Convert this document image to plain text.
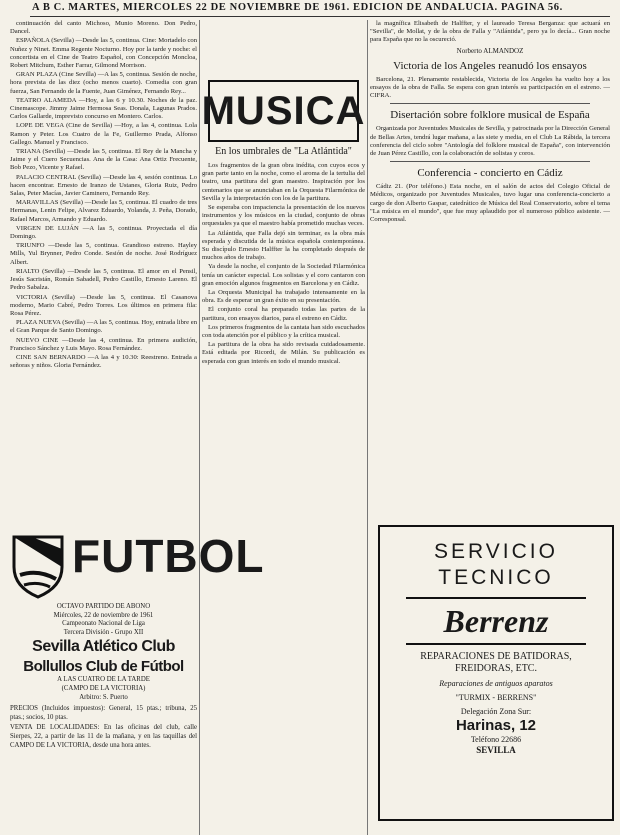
A B C. MARTES, MIERCOLES 22 DE NOVIEMBRE DE 1961. EDICION DE ANDALUCIA. PAGINA 56.

continuación del canto Michoso, Munio Moreno. Don Pedro, Dancel.

ESPAÑOLA (Sevilla) —Desde las 5, continua. Cine: Mortadelo con Nuñez y Ninet. Emma Regente Nocturno. Hoy por la tarde y noche: el concertista en el Cine de Teatro Español, con Concepción Moncloa, Robert Mitchum, Esther Farrar, Gilmond Morrison.

GRAN PLAZA (Cine Sevilla) —A las 5, continua. Sesión de noche, hora prevista de las diez (ocho menos cuarto). Comedia con gran fuerza, San Fernando de la Fuente, Juan Giménez, Fernando Rey...

TEATRO ALAMEDA —Hoy, a las 6 y 10.30. Noches de la paz. Cinemascope. Jimmy Jaime Hermosa Seas. Donala, Lagunas Prados. Carlos Gallarde, imprevisto concurso en Montero. Carlos.

LOPE DE VEGA (Cine de Sevilla) —Hoy, a las 4, continua. Lola Ramon y Peter. Los Cuatro de la Fe, Guillermo Prada, Alfonso Gallego. Manuel y Francisco.

TRIANA (Sevilla) —Desde las 5, continua. El Rey de la Mancha y Jaime y el Cuero Secuencias. Ana de la Casa: Ana Ortiz Frecuente, Bob Pezo, Vicente y Rafael.

PALACIO CENTRAL (Sevilla) —Desde las 4, sesión continua. Lo hacen encontrar. Ernesto de Iranzo de Ustanes, Gloria Ruiz, Pedro Salas, Peter Macías, Javier Caminero, Fernando Rey.

MARAVILLAS (Sevilla) —Desde las 5, continua. El cuadro de tres Hermanas, Lenin Felipe, Alvarez Eduardo, Yolanda, J. Peña, Dorado, Rafael Marcos, Armando y Eduardo.

VIRGEN DE LUJÁN —A las 5, continua. Proyectada el día Domingo.

TRIUNFO —Desde las 5, continua. Grandioso estreno. Hayley Mills, Yul Brynner, Pedro Conde. Sesión de noche. José Rodríguez Albert.

RIALTO (Sevilla) —Desde las 5, continua. El amor en el Pensil, Jesús Sacristán, Román Sabadell, Pedro Castillo, Ernesto Lareno. El Pedro Sabalza.

VICTORIA (Sevilla) —Desde las 5, continua. El Casanova moderno, Mario Cabré, Pedro Torres. Los últimos en primera fila: Rosa Pérez.

PLAZA NUEVA (Sevilla) —A las 5, continua. Hoy, entrada libre en el Gran Parque de Santo Domingo.

NUEVO CINE —Desde las 4, continua. En primera audición, Francisco Sánchez y Luis Mayo. Rosa Fernández.

CINE SAN BERNARDO —A las 4 y 10.30: Reestreno. Entrada a señoras y niños. Gloria Fernández.

FUTBOL
OCTAVO PARTIDO DE ABONO
Miércoles, 22 de noviembre de 1961
Campeonato Nacional de Liga
Tercera División - Grupo XII
Sevilla Atlético Club
Bollullos Club de Fútbol
A LAS CUATRO DE LA TARDE
(CAMPO DE LA VICTORIA)
Arbitro: S. Puerto
PRECIOS (Incluidos impuestos): General, 15 ptas.; tribuna, 25 ptas.; socios, 10 ptas.
VENTA DE LOCALIDADES: En las oficinas del club, calle Sierpes, 22, a partir de las 11 de la mañana, y en las taquillas del CAMPO DE LA VICTORIA, desde una hora antes.
MUSICA
En los umbrales de "La Atlántida"

Los fragmentos de la gran obra inédita, con cuyos ecos y gran parte tanto en la noche, como el aroma de la tertulia del teatro, una partitura del gran maestro. Inspiración por los centenarios que se anunciaban en la Orquesta Filarmónica de Sevilla y la interpretación con los de la partitura.

Se esperaba con impaciencia la presentación de los nuevos instrumentos y los músicos en la ciudad, conjunto de obras orquestales ya que el maestro había prometido muchas veces.

La Atlántida, que Falla dejó sin terminar, es la obra más esperada y discutida de la música española contemporánea. Su discípulo Ernesto Halffter la ha completado después de muchos años de trabajo.

Ya desde la noche, el conjunto de la Sociedad Filarmónica tenía un carácter especial. Los solistas y el coro cantaron con gran emoción algunos fragmentos en Barcelona y en Cádiz.

La Orquesta Municipal ha trabajado intensamente en la obra. Es de esperar un gran éxito en su presentación.

El conjunto coral ha preparado todas las partes de la partitura, con ensayos diarios, para el estreno en Cádiz.

Los primeros fragmentos de la cantata han sido escuchados con toda atención por el público y la crítica musical.

La partitura de la obra ha sido revisada cuidadosamente. Está editada por Ricordi, de Milán. Su publicación es esperada con gran interés en todo el mundo musical.

la magnífica Elisabeth de Halffter, y el laureado Teresa Berganza: que actuará en "Sevilla", de Mollat, y de la obra de Falla y "Atlántida", pero ya lo decía... Gran noche para España que no la oscureció.

Norberto ALMANDOZ
Victoria de los Angeles reanudó los ensayos

Barcelona, 21. Plenamente restablecida, Victoria de los Angeles ha vuelto hoy a los ensayos de la obra de Falla. Se espera con gran interés su participación en el estreno. — CIFRA.

Disertación sobre folklore musical de España

Organizada por Juventudes Musicales de Sevilla, y patrocinada por la Dirección General de Bellas Artes, tendrá lugar mañana, a las siete y media, en el Club La Rábida, la tercera conferencia del ciclo sobre "Antología del folklore musical de España", con intervención de Juan Pérez Castillo, con la colaboración de solistas y coros.

Conferencia - concierto en Cádiz

Cádiz 21. (Por teléfono.) Esta noche, en el salón de actos del Colegio Oficial de Médicos, organizado por Juventudes Musicales, tuvo lugar una conferencia-concierto a cargo de don Alberto Gaspar, catedrático de Música del Real Conservatorio, sobre el tema "La música en el mundo", que fue muy aplaudido por el numeroso público asistente. — Corresponsal.

SERVICIO
TECNICO
Berrenz
REPARACIONES DE BATIDORAS,
FREIDORAS, ETC.
Reparaciones de antiguos aparatos
"TURMIX - BERRENS"
Delegación Zona Sur:
Harinas, 12
Teléfono 22686
SEVILLA
